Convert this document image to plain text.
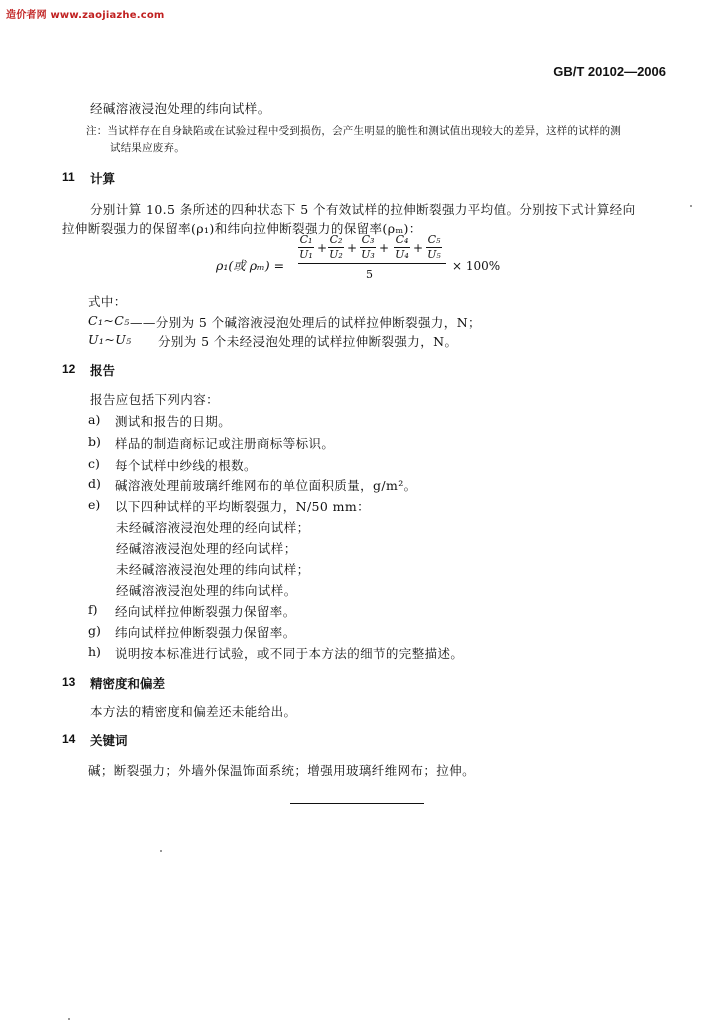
造价者网 www.zaojiazhe.com
GB/T 20102—2006
经碱溶液浸泡处理的纬向试样。
注：当试样存在自身缺陷或在试验过程中受到损伤，会产生明显的脆性和测试值出现较大的差异，这样的试样的测
试结果应废弃。
11 计算
分别计算 10.5 条所述的四种状态下 5 个有效试样的拉伸断裂强力平均值。分别按下式计算经向
拉伸断裂强力的保留率(ρ₁)和纬向拉伸断裂强力的保留率(ρₘ)：
ρ₁(或 ρₘ) =
C₁
U₁ +
C₂
U₂ +
C₃
U₃ +
C₄
U₄ +
C₅
U₅
5
× 100%
式中：
C₁~C₅ ——分别为 5 个碱溶液浸泡处理后的试样拉伸断裂强力，N；
U₁~U₅ 分别为 5 个未经浸泡处理的试样拉伸断裂强力，N。
12 报告
报告应包括下列内容：
a) 测试和报告的日期。
b) 样品的制造商标记或注册商标等标识。
c) 每个试样中纱线的根数。
d) 碱溶液处理前玻璃纤维网布的单位面积质量，g/m²。
e) 以下四种试样的平均断裂强力，N/50 mm：
未经碱溶液浸泡处理的经向试样；
经碱溶液浸泡处理的经向试样；
未经碱溶液浸泡处理的纬向试样；
经碱溶液浸泡处理的纬向试样。
f) 经向试样拉伸断裂强力保留率。
g) 纬向试样拉伸断裂强力保留率。
h) 说明按本标准进行试验，或不同于本方法的细节的完整描述。
13 精密度和偏差
本方法的精密度和偏差还未能给出。
14 关键词
碱；断裂强力；外墙外保温饰面系统；增强用玻璃纤维网布；拉伸。
